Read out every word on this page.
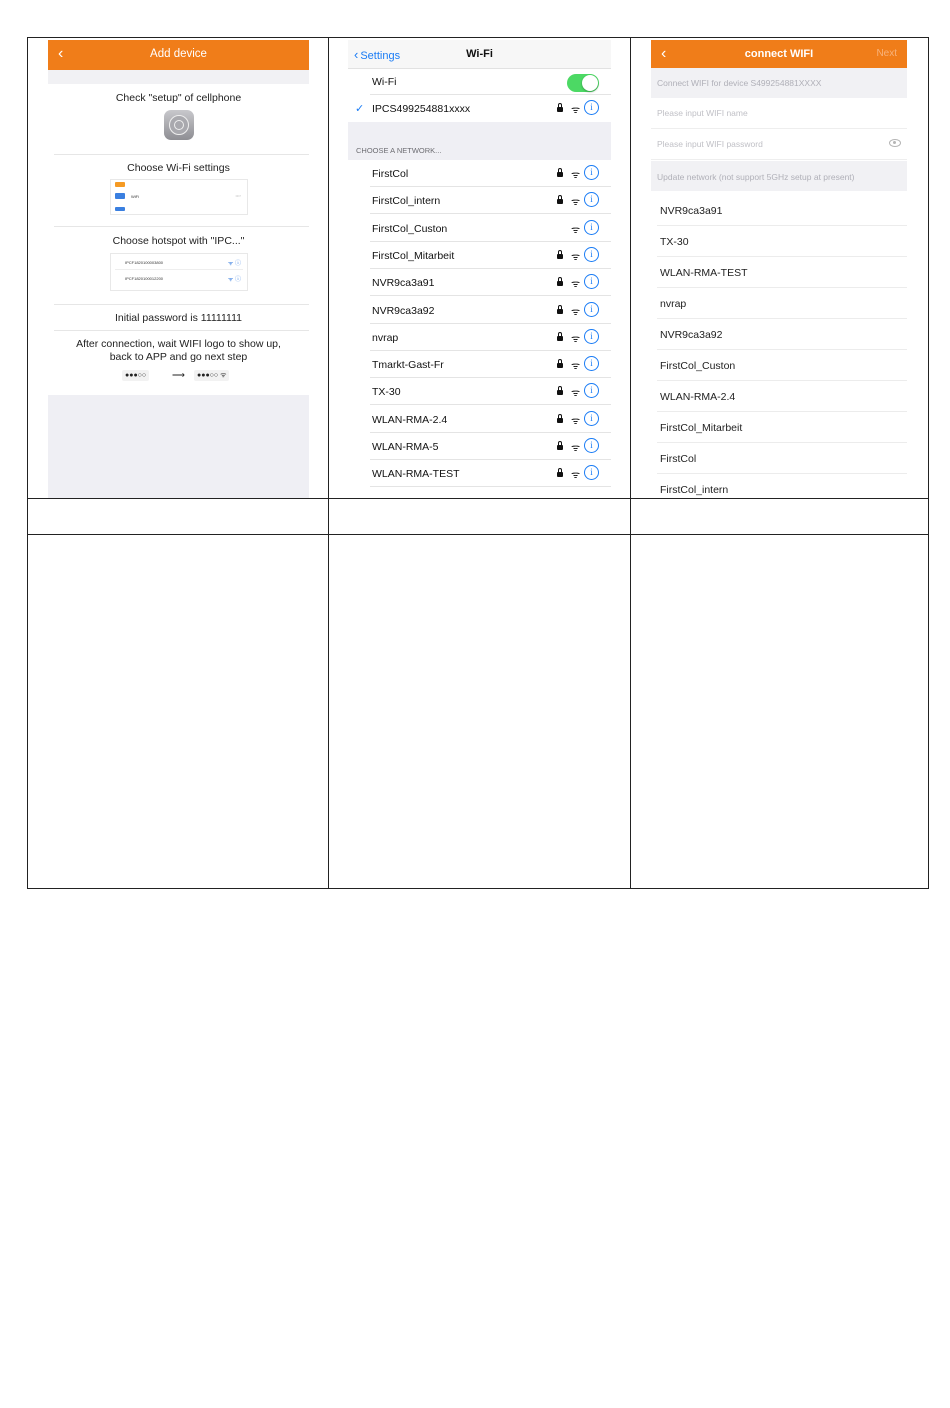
‹	Add device
Check "setup" of cellphone
Choose Wi-Fi settings
WiFi	•••›
Choose hotspot with "IPC..."
IPCF1820100003800	ᯤ ⓘ
IPCF1820100012200	ᯤ ⓘ
Initial password is 11111111
After connection, wait WIFI logo to show up, back to APP and go next step
●●●○○	⟶	●●●○○ ᯤ
‹ Settings	Wi-Fi
Wi-Fi
✓ IPCS499254881xxxx	ᯤ	i
CHOOSE A NETWORK...
FirstCol	ᯤ	i
FirstCol_intern	ᯤ	i
FirstCol_Custon	ᯤ	i
FirstCol_Mitarbeit	ᯤ	i
NVR9ca3a91	ᯤ	i
NVR9ca3a92	ᯤ	i
nvrap	ᯤ	i
Tmarkt-Gast-Fr	ᯤ	i
TX-30	ᯤ	i
WLAN-RMA-2.4	ᯤ	i
WLAN-RMA-5	ᯤ	i
WLAN-RMA-TEST	ᯤ	i
‹	connect WIFI	Next
Connect WIFI for device S499254881XXXX
Please input WIFI name
Please input WIFI password
Update network (not support 5GHz setup at present)
NVR9ca3a91
TX-30
WLAN-RMA-TEST
nvrap
NVR9ca3a92
FirstCol_Custon
WLAN-RMA-2.4
FirstCol_Mitarbeit
FirstCol
FirstCol_intern
